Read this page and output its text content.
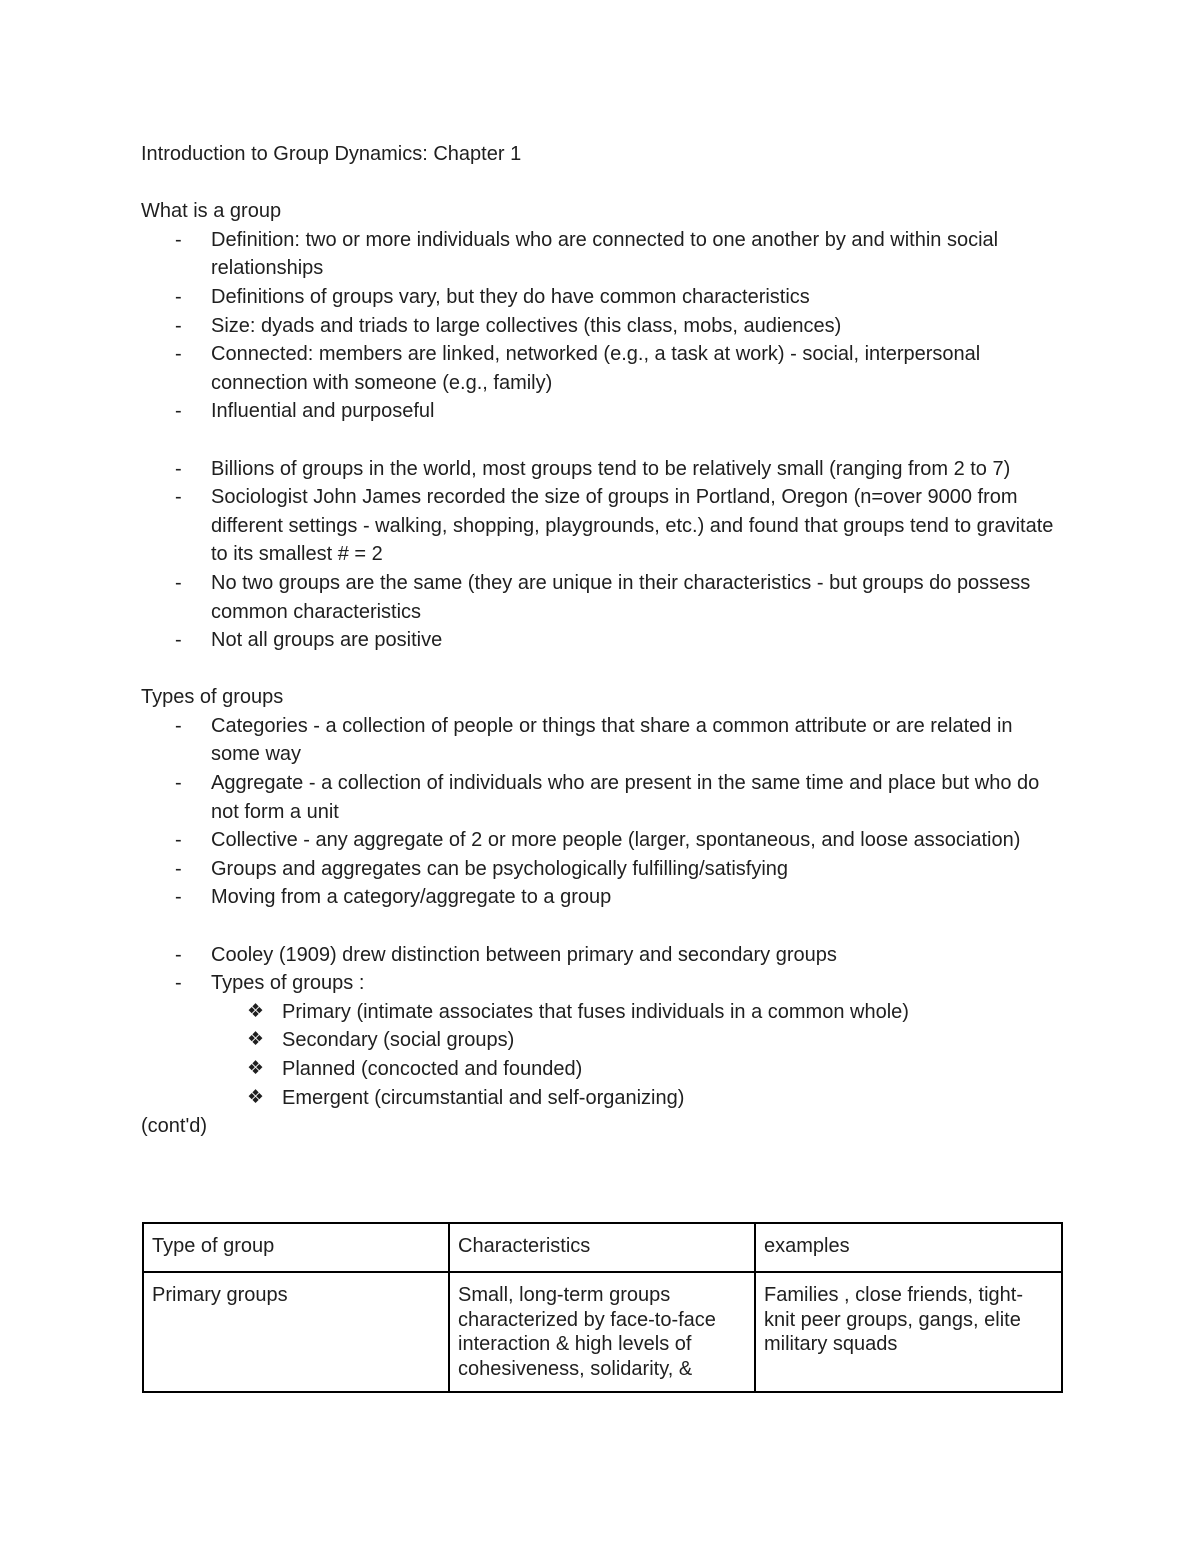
Introduction to Group Dynamics: Chapter 1

What is a group

-	Definition: two or more individuals who are connected to one another by and within social relationships
-	Definitions of groups vary, but they do have common characteristics
-	Size: dyads and triads to large collectives (this class, mobs, audiences)
-	Connected: members are linked, networked (e.g., a task at work) - social, interpersonal connection with someone (e.g., family)
-	Influential and purposeful
-	Billions of groups in the world, most groups tend to be relatively small (ranging from 2 to 7)
-	Sociologist John James recorded the size of groups in Portland, Oregon (n=over 9000 from different settings - walking, shopping, playgrounds, etc.) and found that groups tend to gravitate to its smallest # = 2
-	No two groups are the same (they are unique in their characteristics - but groups do possess common characteristics
-	Not all groups are positive

Types of groups

-	Categories - a collection of people or things that share a common attribute or are related in some way
-	Aggregate - a collection of individuals who are present in the same time and place but who do not form a unit
-	Collective - any aggregate of 2 or more people (larger, spontaneous, and loose association)
-	Groups and aggregates can be psychologically fulfilling/satisfying
-	Moving from a category/aggregate to a group
-	Cooley (1909) drew distinction between primary and secondary groups
-	Types of groups :
❖ Primary (intimate associates that fuses individuals in a common whole)
❖ Secondary (social groups)
❖ Planned (concocted and founded)
❖ Emergent (circumstantial and self-organizing)

(cont'd)

Type of group	Characteristics	examples
Primary groups	Small, long-term groups characterized by face-to-face interaction & high levels of cohesiveness, solidarity, &	Families , close friends, tight-knit peer groups, gangs, elite military squads
